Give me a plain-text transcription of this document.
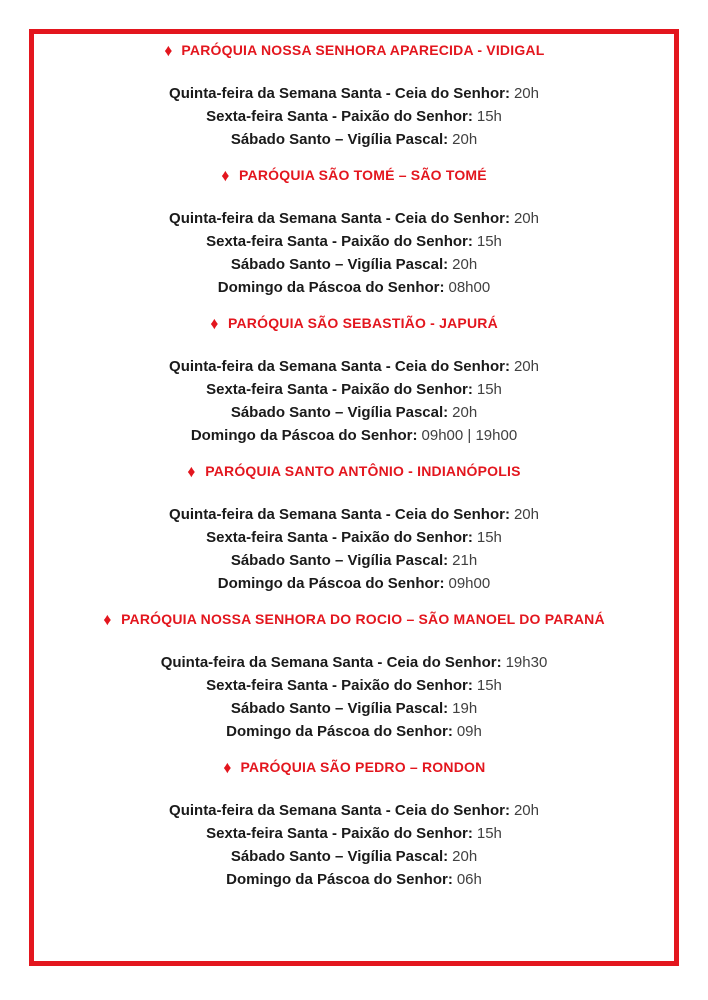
♦ PARÓQUIA NOSSA SENHORA APARECIDA - VIDIGAL

Quinta-feira da Semana Santa - Ceia do Senhor: 20h

Sexta-feira Santa - Paixão do Senhor: 15h

Sábado Santo – Vigília Pascal: 20h

♦ PARÓQUIA SÃO TOMÉ – SÃO TOMÉ

Quinta-feira da Semana Santa - Ceia do Senhor: 20h

Sexta-feira Santa - Paixão do Senhor: 15h

Sábado Santo – Vigília Pascal: 20h

Domingo da Páscoa do Senhor: 08h00

♦ PARÓQUIA SÃO SEBASTIÃO - JAPURÁ

Quinta-feira da Semana Santa - Ceia do Senhor: 20h

Sexta-feira Santa - Paixão do Senhor: 15h

Sábado Santo – Vigília Pascal: 20h

Domingo da Páscoa do Senhor: 09h00 | 19h00

♦ PARÓQUIA SANTO ANTÔNIO - INDIANÓPOLIS

Quinta-feira da Semana Santa - Ceia do Senhor: 20h

Sexta-feira Santa - Paixão do Senhor: 15h

Sábado Santo – Vigília Pascal: 21h

Domingo da Páscoa do Senhor: 09h00

♦ PARÓQUIA NOSSA SENHORA DO ROCIO – SÃO MANOEL DO PARANÁ

Quinta-feira da Semana Santa - Ceia do Senhor: 19h30

Sexta-feira Santa - Paixão do Senhor: 15h

Sábado Santo – Vigília Pascal: 19h

Domingo da Páscoa do Senhor: 09h

♦ PARÓQUIA SÃO PEDRO – RONDON

Quinta-feira da Semana Santa - Ceia do Senhor: 20h

Sexta-feira Santa - Paixão do Senhor: 15h

Sábado Santo – Vigília Pascal: 20h

Domingo da Páscoa do Senhor: 06h
